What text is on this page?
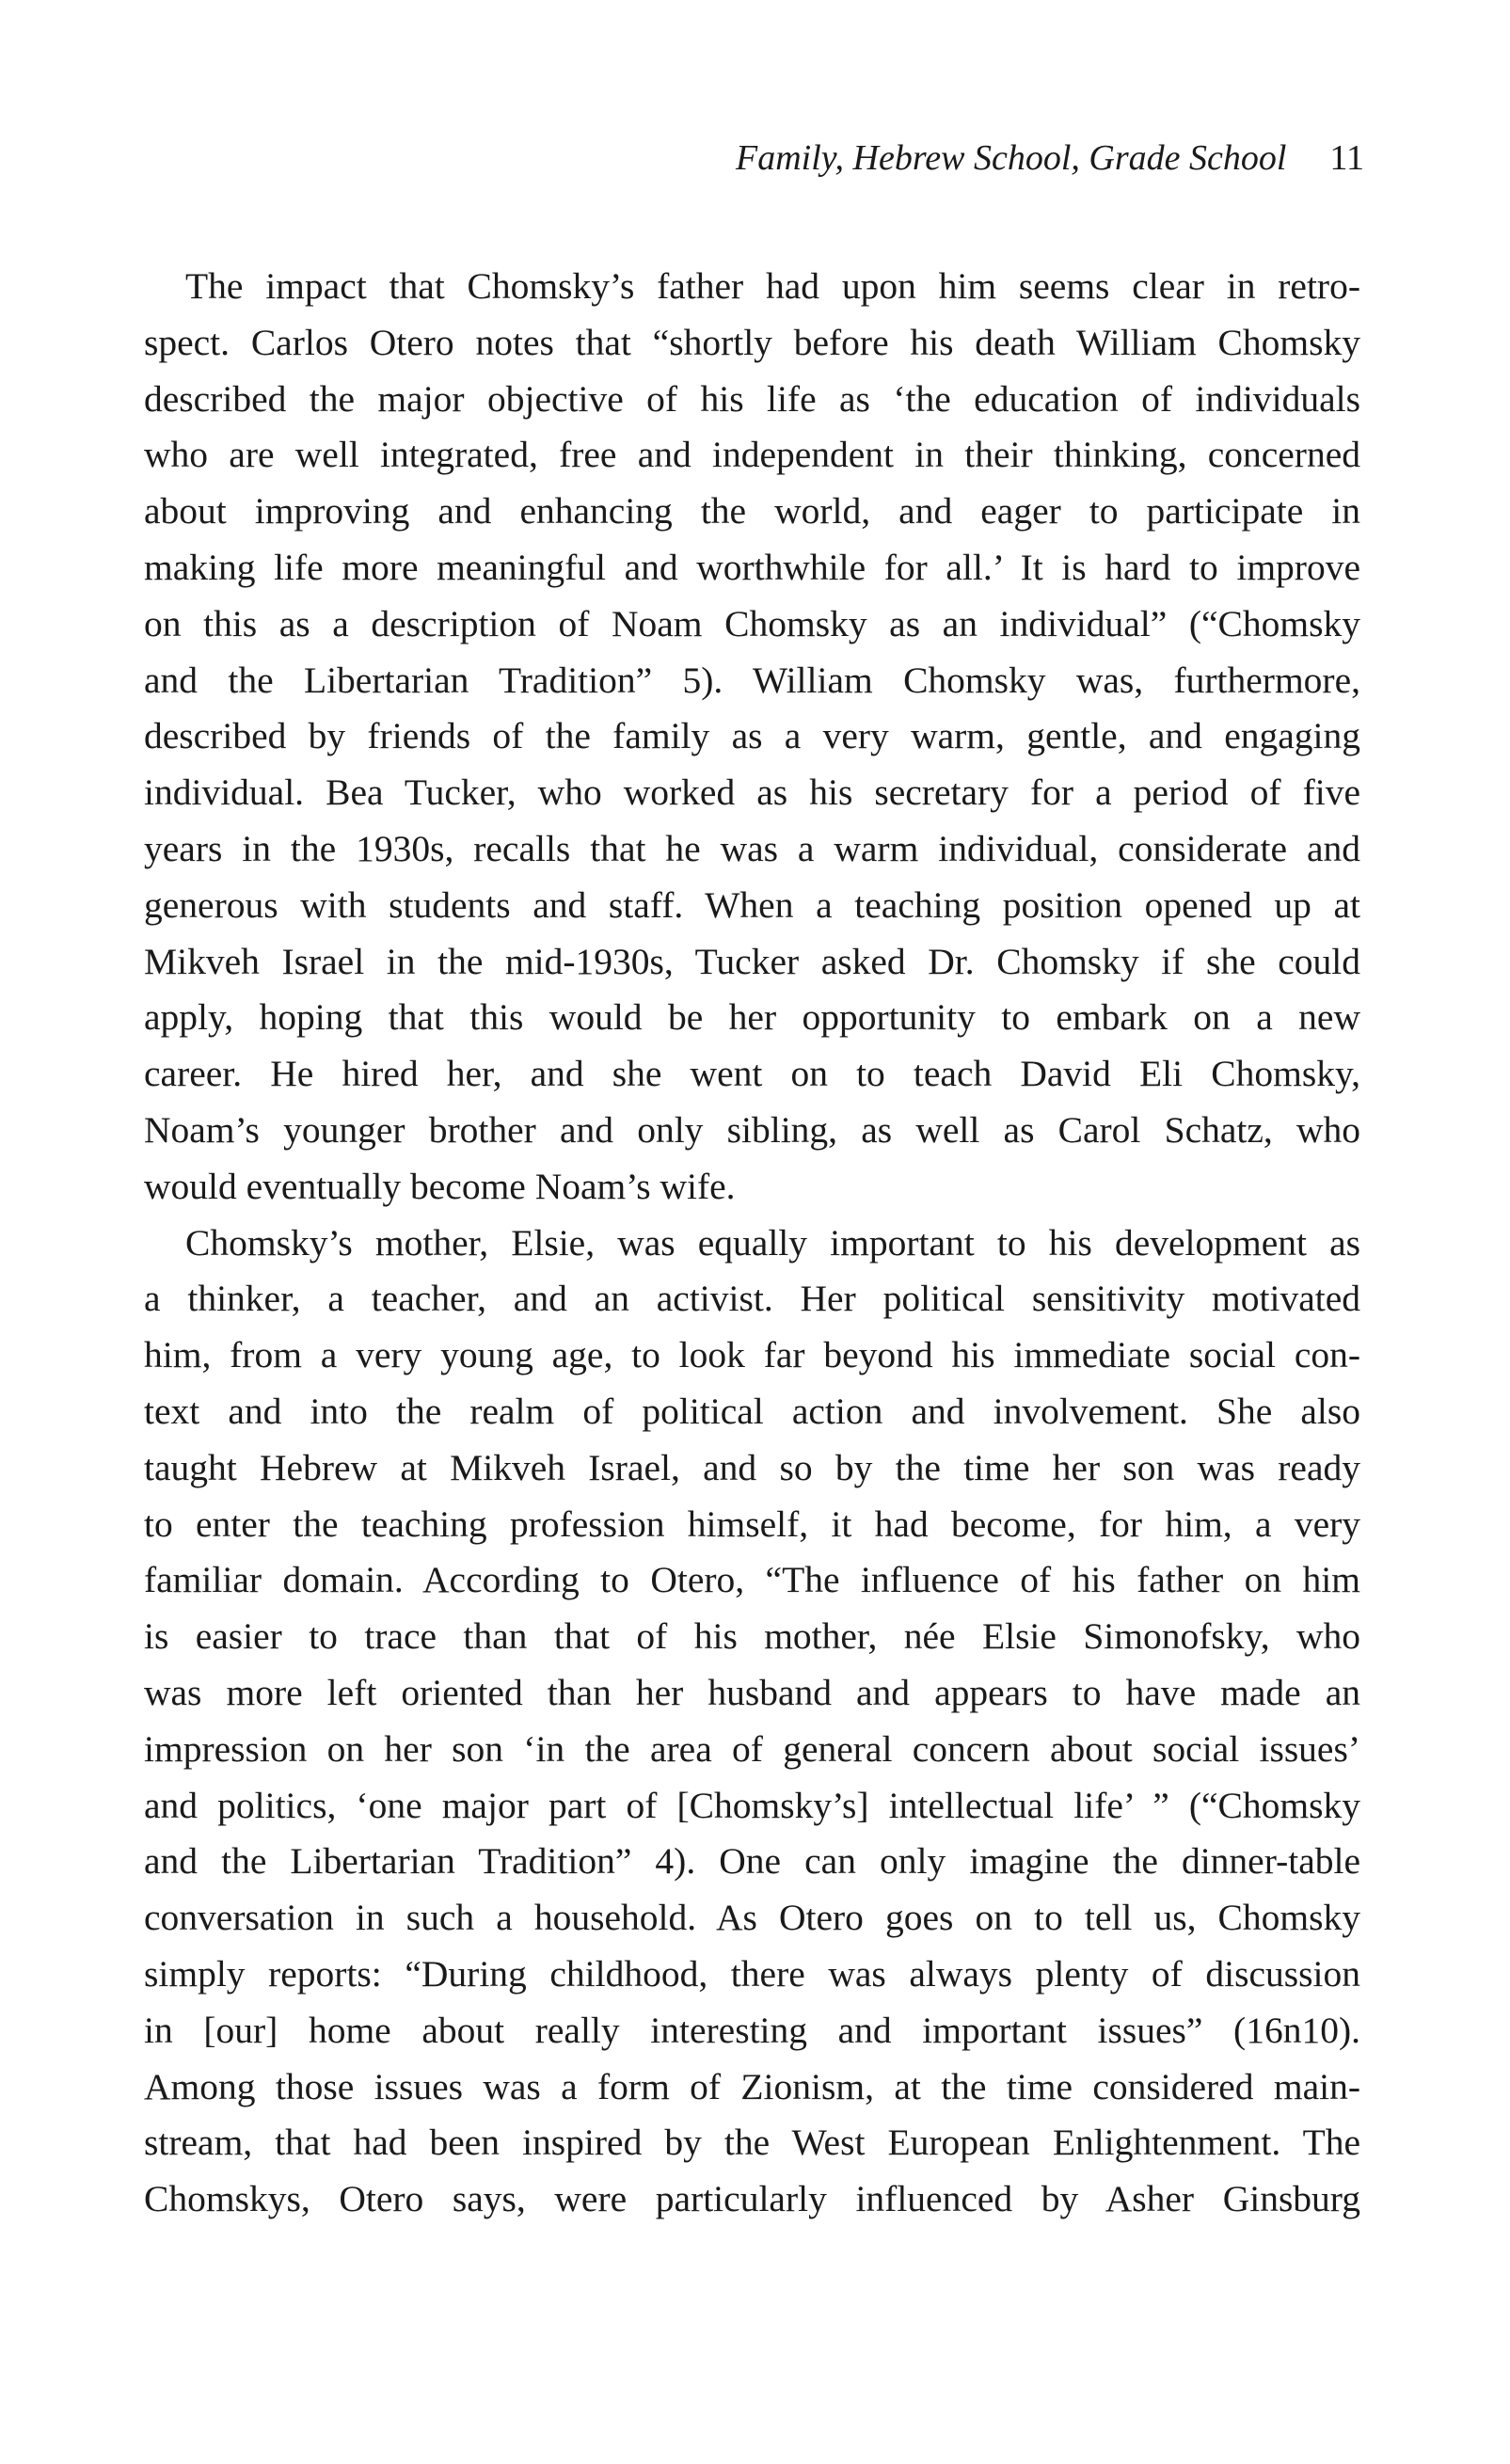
Family, Hebrew School, Grade School 11
The impact that Chomsky’s father had upon him seems clear in retro-
spect. Carlos Otero notes that “shortly before his death William Chomsky
described the major objective of his life as ‘the education of individuals
who are well integrated, free and independent in their thinking, concerned
about improving and enhancing the world, and eager to participate in
making life more meaningful and worthwhile for all.’ It is hard to improve
on this as a description of Noam Chomsky as an individual” (“Chomsky
and the Libertarian Tradition” 5). William Chomsky was, furthermore,
described by friends of the family as a very warm, gentle, and engaging
individual. Bea Tucker, who worked as his secretary for a period of five
years in the 1930s, recalls that he was a warm individual, considerate and
generous with students and staff. When a teaching position opened up at
Mikveh Israel in the mid-1930s, Tucker asked Dr. Chomsky if she could
apply, hoping that this would be her opportunity to embark on a new
career. He hired her, and she went on to teach David Eli Chomsky,
Noam’s younger brother and only sibling, as well as Carol Schatz, who
would eventually become Noam’s wife.
Chomsky’s mother, Elsie, was equally important to his development as
a thinker, a teacher, and an activist. Her political sensitivity motivated
him, from a very young age, to look far beyond his immediate social con-
text and into the realm of political action and involvement. She also
taught Hebrew at Mikveh Israel, and so by the time her son was ready
to enter the teaching profession himself, it had become, for him, a very
familiar domain. According to Otero, “The influence of his father on him
is easier to trace than that of his mother, née Elsie Simonofsky, who
was more left oriented than her husband and appears to have made an
impression on her son ‘in the area of general concern about social issues’
and politics, ‘one major part of [Chomsky’s] intellectual life’ ” (“Chomsky
and the Libertarian Tradition” 4). One can only imagine the dinner-table
conversation in such a household. As Otero goes on to tell us, Chomsky
simply reports: “During childhood, there was always plenty of discussion
in [our] home about really interesting and important issues” (16n10).
Among those issues was a form of Zionism, at the time considered main-
stream, that had been inspired by the West European Enlightenment. The
Chomskys, Otero says, were particularly influenced by Asher Ginsburg
